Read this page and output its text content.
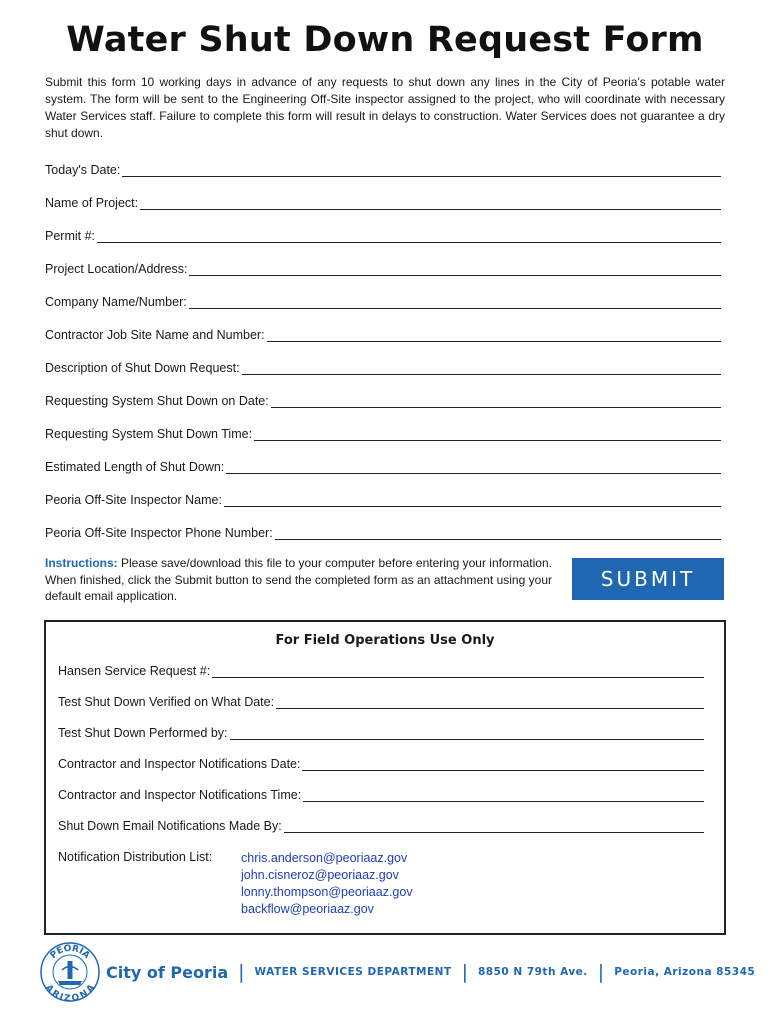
Water Shut Down Request Form
Submit this form 10 working days in advance of any requests to shut down any lines in the City of Peoria's potable water system. The form will be sent to the Engineering Off-Site inspector assigned to the project, who will coordinate with necessary Water Services staff. Failure to complete this form will result in delays to construction. Water Services does not guarantee a dry shut down.
Today's Date:
Name of Project:
Permit #:
Project Location/Address:
Company Name/Number:
Contractor Job Site Name and Number:
Description of Shut Down Request:
Requesting System Shut Down on Date:
Requesting System Shut Down Time:
Estimated Length of Shut Down:
Peoria Off-Site Inspector Name:
Peoria Off-Site Inspector Phone Number:
Instructions: Please save/download this file to your computer before entering your information. When finished, click the Submit button to send the completed form as an attachment using your default email application.
SUBMIT
For Field Operations Use Only
Hansen Service Request #:
Test Shut Down Verified on What Date:
Test Shut Down Performed by:
Contractor and Inspector Notifications Date:
Contractor and Inspector Notifications Time:
Shut Down Email Notifications Made By:
Notification Distribution List: chris.anderson@peoriaaz.gov
john.cisneroz@peoriaaz.gov
lonny.thompson@peoriaaz.gov
backflow@peoriaaz.gov
PEORIA
ARIZONA
City of Peoria | WATER SERVICES DEPARTMENT | 8850 N 79th Ave. | Peoria, Arizona 85345
